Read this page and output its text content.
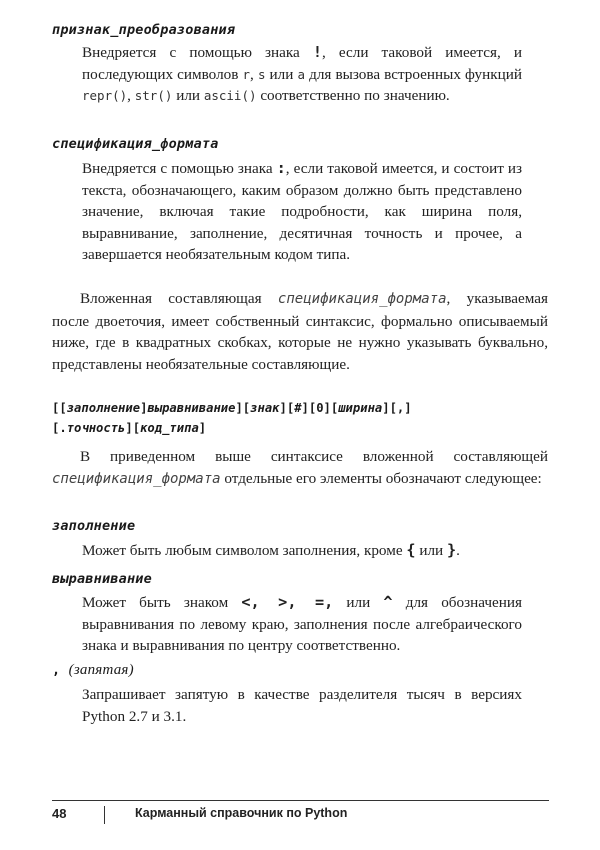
признак_преобразования

Внедряется с помощью знака !, если таковой имеется, и последующих символов r, s или a для вызова встроенных функций repr(), str() или ascii() соответственно по значению.

спецификация_формата

Внедряется с помощью знака :, если таковой имеется, и состоит из текста, обозначающего, каким образом должно быть представлено значение, включая такие подробности, как ширина поля, выравнивание, заполнение, десятичная точность и прочее, а завершается необязательным кодом типа.

Вложенная составляющая спецификация_формата, указываемая после двоеточия, имеет собственный синтаксис, формально описываемый ниже, где в квадратных скобках, которые не нужно указывать буквально, представлены необязательные составляющие.

[[заполнение]выравнивание][знак][#][0][ширина][,]
[.точность][код_типа]

В приведенном выше синтаксисе вложенной составляющей спецификация_формата отдельные его элементы обозначают следующее:

заполнение

Может быть любым символом заполнения, кроме { или }.

выравнивание

Может быть знаком <, >, =, или ^ для обозначения выравнивания по левому краю, заполнения после алгебраического знака и выравнивания по центру соответственно.

, (запятая)

Запрашивает запятую в качестве разделителя тысяч в версиях Python 2.7 и 3.1.

48	Карманный справочник по Python
